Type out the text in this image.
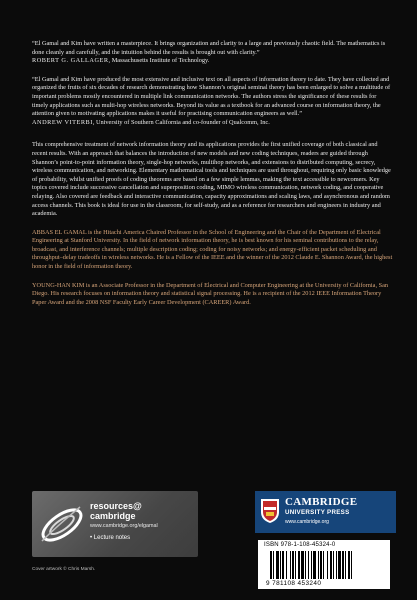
“El Gamal and Kim have written a masterpiece. It brings organization and clarity to a large and previously chaotic field. The mathematics is done cleanly and carefully, and the intuition behind the results is brought out with clarity.”

ROBERT G. GALLAGER, Massachusetts Institute of Technology.

“El Gamal and Kim have produced the most extensive and inclusive text on all aspects of information theory to date. They have collected and organized the fruits of six decades of research demonstrating how Shannon’s original seminal theory has been enlarged to solve a multitude of important problems mostly encountered in multiple link communication networks. The authors stress the significance of these results for timely applications such as multi-hop wireless networks. Beyond its value as a textbook for an advanced course on information theory, the attention given to motivating applications makes it useful for practising communication engineers as well.”

ANDREW VITERBI, University of Southern California and co-founder of Qualcomm, Inc.

This comprehensive treatment of network information theory and its applications provides the first unified coverage of both classical and recent results. With an approach that balances the introduction of new models and new coding techniques, readers are guided through Shannon’s point-to-point information theory, single-hop networks, multihop networks, and extensions to distributed computing, secrecy, wireless communication, and networking. Elementary mathematical tools and techniques are used throughout, requiring only basic knowledge of probability, whilst unified proofs of coding theorems are based on a few simple lemmas, making the text accessible to newcomers. Key topics covered include successive cancellation and superposition coding, MIMO wireless communication, network coding, and cooperative relaying. Also covered are feedback and interactive communication, capacity approximations and scaling laws, and asynchronous and random access channels. This book is ideal for use in the classroom, for self-study, and as a reference for researchers and engineers in industry and academia.

ABBAS EL GAMAL is the Hitachi America Chaired Professor in the School of Engineering and the Chair of the Department of Electrical Engineering at Stanford University. In the field of network information theory, he is best known for his seminal contributions to the relay, broadcast, and interference channels; multiple description coding; coding for noisy networks; and energy-efficient packet scheduling and throughput–delay tradeoffs in wireless networks. He is a Fellow of the IEEE and the winner of the 2012 Claude E. Shannon Award, the highest honor in the field of information theory.

YOUNG-HAN KIM is an Associate Professor in the Department of Electrical and Computer Engineering at the University of California, San Diego. His research focuses on information theory and statistical signal processing. He is a recipient of the 2012 IEEE Information Theory Paper Award and the 2008 NSF Faculty Early Career Development (CAREER) Award.

resources@
cambridge
www.cambridge.org/elgamal
• Lecture notes
Cover artwork © Chris Marsh.
CAMBRIDGE
UNIVERSITY PRESS
www.cambridge.org
ISBN 978-1-108-45324-0
9 781108 453240
